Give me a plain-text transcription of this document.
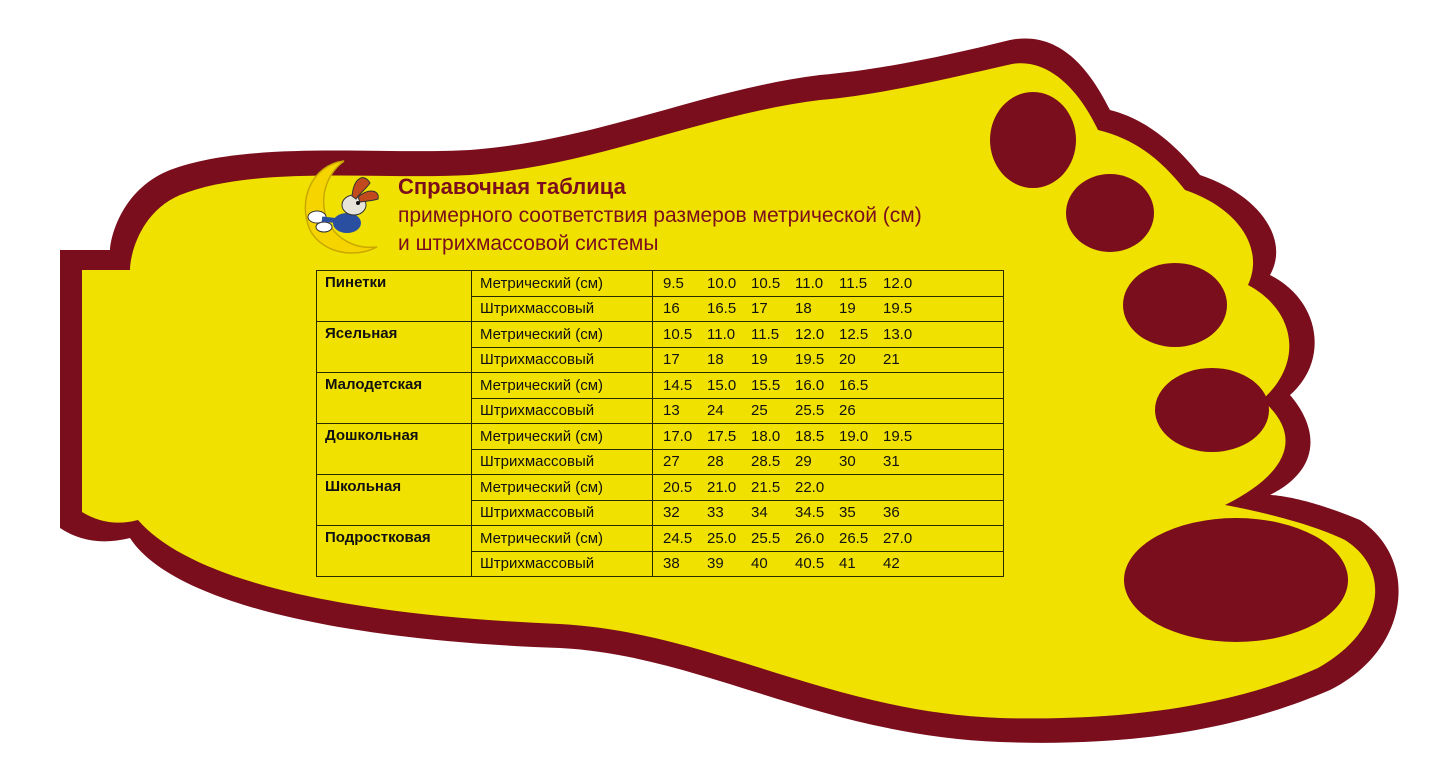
Справочная таблица
примерного соответствия размеров метрической (см)
и штрихмассовой системы
Пинетки	Метрический (см)	9.5 10.0 10.5 11.0 11.5 12.0
	Штрихмассовый	16 16.5 17 18 19 19.5
Ясельная	Метрический (см)	10.5 11.0 11.5 12.0 12.5 13.0
	Штрихмассовый	17 18 19 19.5 20 21
Малодетская	Метрический (см)	14.5 15.0 15.5 16.0 16.5
	Штрихмассовый	13 24 25 25.5 26
Дошкольная	Метрический (см)	17.0 17.5 18.0 18.5 19.0 19.5
	Штрихмассовый	27 28 28.5 29 30 31
Школьная	Метрический (см)	20.5 21.0 21.5 22.0
	Штрихмассовый	32 33 34 34.5 35 36
Подростковая	Метрический (см)	24.5 25.0 25.5 26.0 26.5 27.0
	Штрихмассовый	38 39 40 40.5 41 42
